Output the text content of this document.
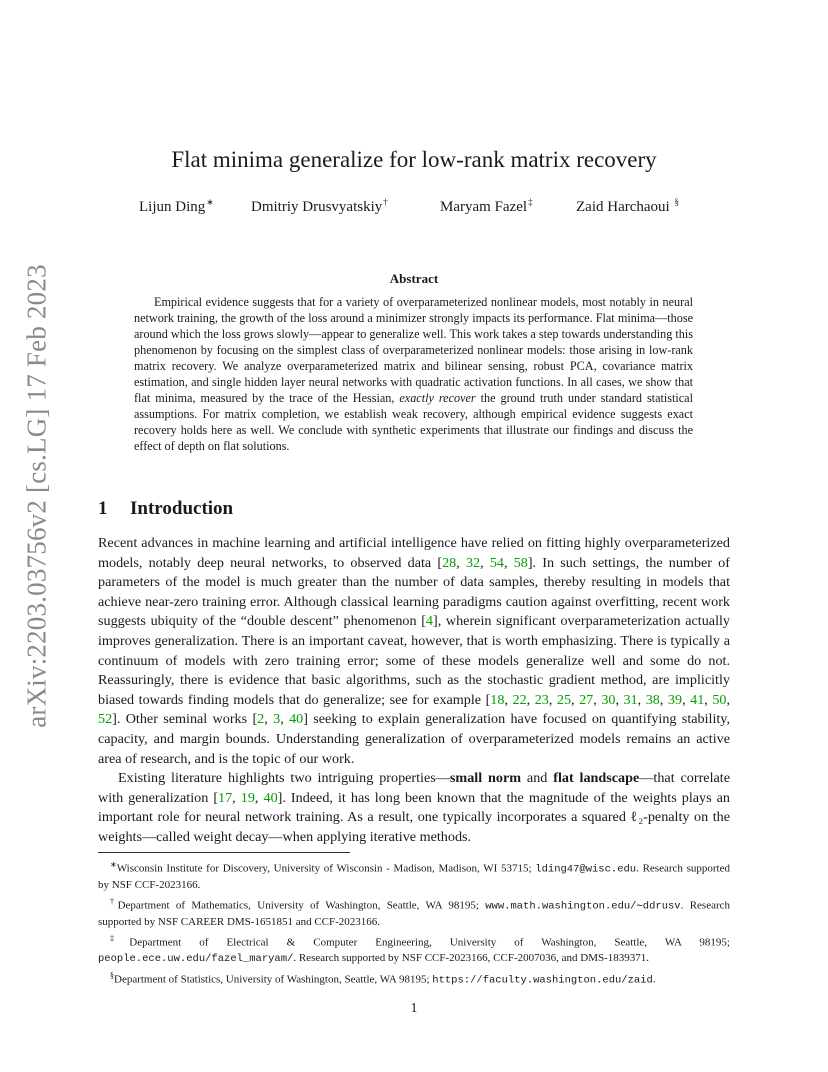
arXiv:2203.03756v2 [cs.LG] 17 Feb 2023
Flat minima generalize for low-rank matrix recovery
Lijun Ding∗ Dmitriy Drusvyatskiy†	Maryam Fazel‡	Zaid Harchaoui §
Abstract

Empirical evidence suggests that for a variety of overparameterized nonlinear models, most notably in neural network training, the growth of the loss around a minimizer strongly impacts its performance. Flat minima—those around which the loss grows slowly—appear to generalize well. This work takes a step towards understanding this phenomenon by focusing on the simplest class of overparameterized nonlinear models: those arising in low-rank matrix recovery. We analyze overparameterized matrix and bilinear sensing, robust PCA, covariance matrix estimation, and single hidden layer neural networks with quadratic activation functions. In all cases, we show that flat minima, measured by the trace of the Hessian, exactly recover the ground truth under standard statistical assumptions. For matrix completion, we establish weak recovery, although empirical evidence suggests exact recovery holds here as well. We conclude with synthetic experiments that illustrate our findings and discuss the effect of depth on flat solutions.

1 Introduction

Recent advances in machine learning and artificial intelligence have relied on fitting highly overparameterized models, notably deep neural networks, to observed data [28, 32, 54, 58]. In such settings, the number of parameters of the model is much greater than the number of data samples, thereby resulting in models that achieve near-zero training error. Although classical learning paradigms caution against overfitting, recent work suggests ubiquity of the “double descent” phenomenon [4], wherein significant overparameterization actually improves generalization. There is an important caveat, however, that is worth emphasizing. There is typically a continuum of models with zero training error; some of these models generalize well and some do not. Reassuringly, there is evidence that basic algorithms, such as the stochastic gradient method, are implicitly biased towards finding models that do generalize; see for example [18, 22, 23, 25, 27, 30, 31, 38, 39, 41, 50, 52]. Other seminal works [2, 3, 40] seeking to explain generalization have focused on quantifying stability, capacity, and margin bounds. Understanding generalization of overparameterized models remains an active area of research, and is the topic of our work.

Existing literature highlights two intriguing properties—small norm and flat landscape—that correlate with generalization [17, 19, 40]. Indeed, it has long been known that the magnitude of the weights plays an important role for neural network training. As a result, one typically incorporates a squared ℓ₂-penalty on the weights—called weight decay—when applying iterative methods.

∗Wisconsin Institute for Discovery, University of Wisconsin - Madison, Madison, WI 53715; lding47@wisc.edu. Research supported by NSF CCF-2023166.

†Department of Mathematics, University of Washington, Seattle, WA 98195; www.math.washington.edu/∼ddrusv. Research supported by NSF CAREER DMS-1651851 and CCF-2023166.

‡Department of Electrical & Computer Engineering, University of Washington, Seattle, WA 98195; people.ece.uw.edu/fazel_maryam/. Research supported by NSF CCF-2023166, CCF-2007036, and DMS-1839371.

§Department of Statistics, University of Washington, Seattle, WA 98195; https://faculty.washington.edu/zaid.

1
